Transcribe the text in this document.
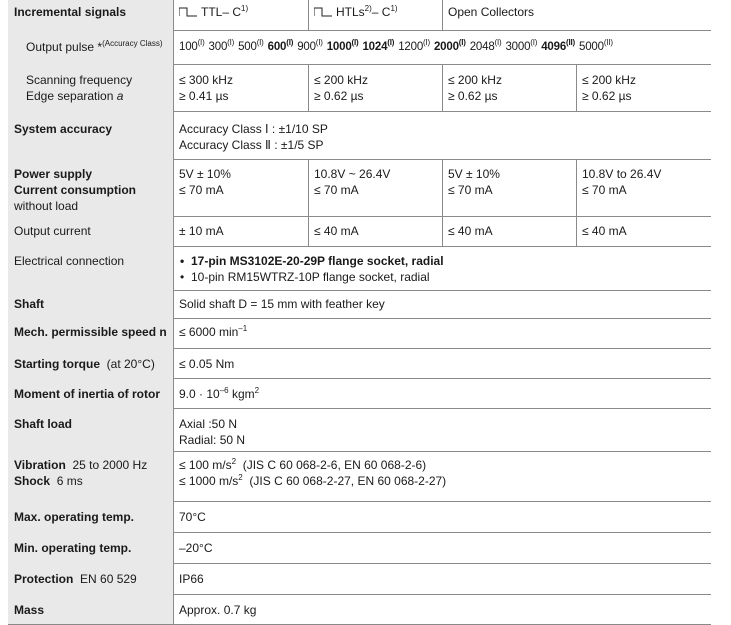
Incremental signals	TTL– $C^{1)}$	HTLs$^{2)}$– $C^{1)}$	Open Collectors
Output pulse *$^{(Accuracy Class)}$	$100^{(I)}$ $300^{(I)}$ $500^{(I)}$ $600^{(I)}$ $900^{(I)}$ $1000^{(I)}$ $1024^{(I)}$ $1200^{(I)}$ $2000^{(I)}$ $2048^{(I)}$ $3000^{(I)}$ $4096^{(II)}$ $5000^{(II)}$
Scanning frequency
Edge separation a
≤ 300 kHz
≥ 0.41 µs
≤ 200 kHz
≥ 0.62 µs
≤ 200 kHz
≥ 0.62 µs
≤ 200 kHz
≥ 0.62 µs
System accuracy	Accuracy Class Ⅰ : ±1/10 SP
Accuracy Class Ⅱ : ±1/5 SP
Power supply
Current consumption
without load
5V ± 10%
≤ 70 mA
10.8V ~ 26.4V
≤ 70 mA
5V ± 10%
≤ 70 mA
10.8V to 26.4V
≤ 70 mA
Output current	± 10 mA	≤ 40 mA	≤ 40 mA	≤ 40 mA
Electrical connection
•	17-pin MS3102E-20-29P flange socket, radial
• 10-pin RM15WTRZ-10P flange socket, radial
Shaft	Solid shaft D = 15 mm with feather key
Mech. permissible speed n	≤ 6000 $\min^{-1}$
Starting torque (at 20°C)	≤ 0.05 Nm
Moment of inertia of rotor	$9.0 \cdot 10^{-6}$ kgm$^2$
Shaft load	Axial :50 N
Radial: 50 N
Vibration 25 to 2000 Hz
Shock 6 ms
≤ 100 $m/s^2$  (JIS C 60 068-2-6, EN 60 068-2-6)
≤ 1000 $m/s^2$  (JIS C 60 068-2-27, EN 60 068-2-27)
Max. operating temp.	70°C
Min. operating temp.	–20°C
Protection EN 60 529	IP66
Mass	Approx. 0.7 kg
